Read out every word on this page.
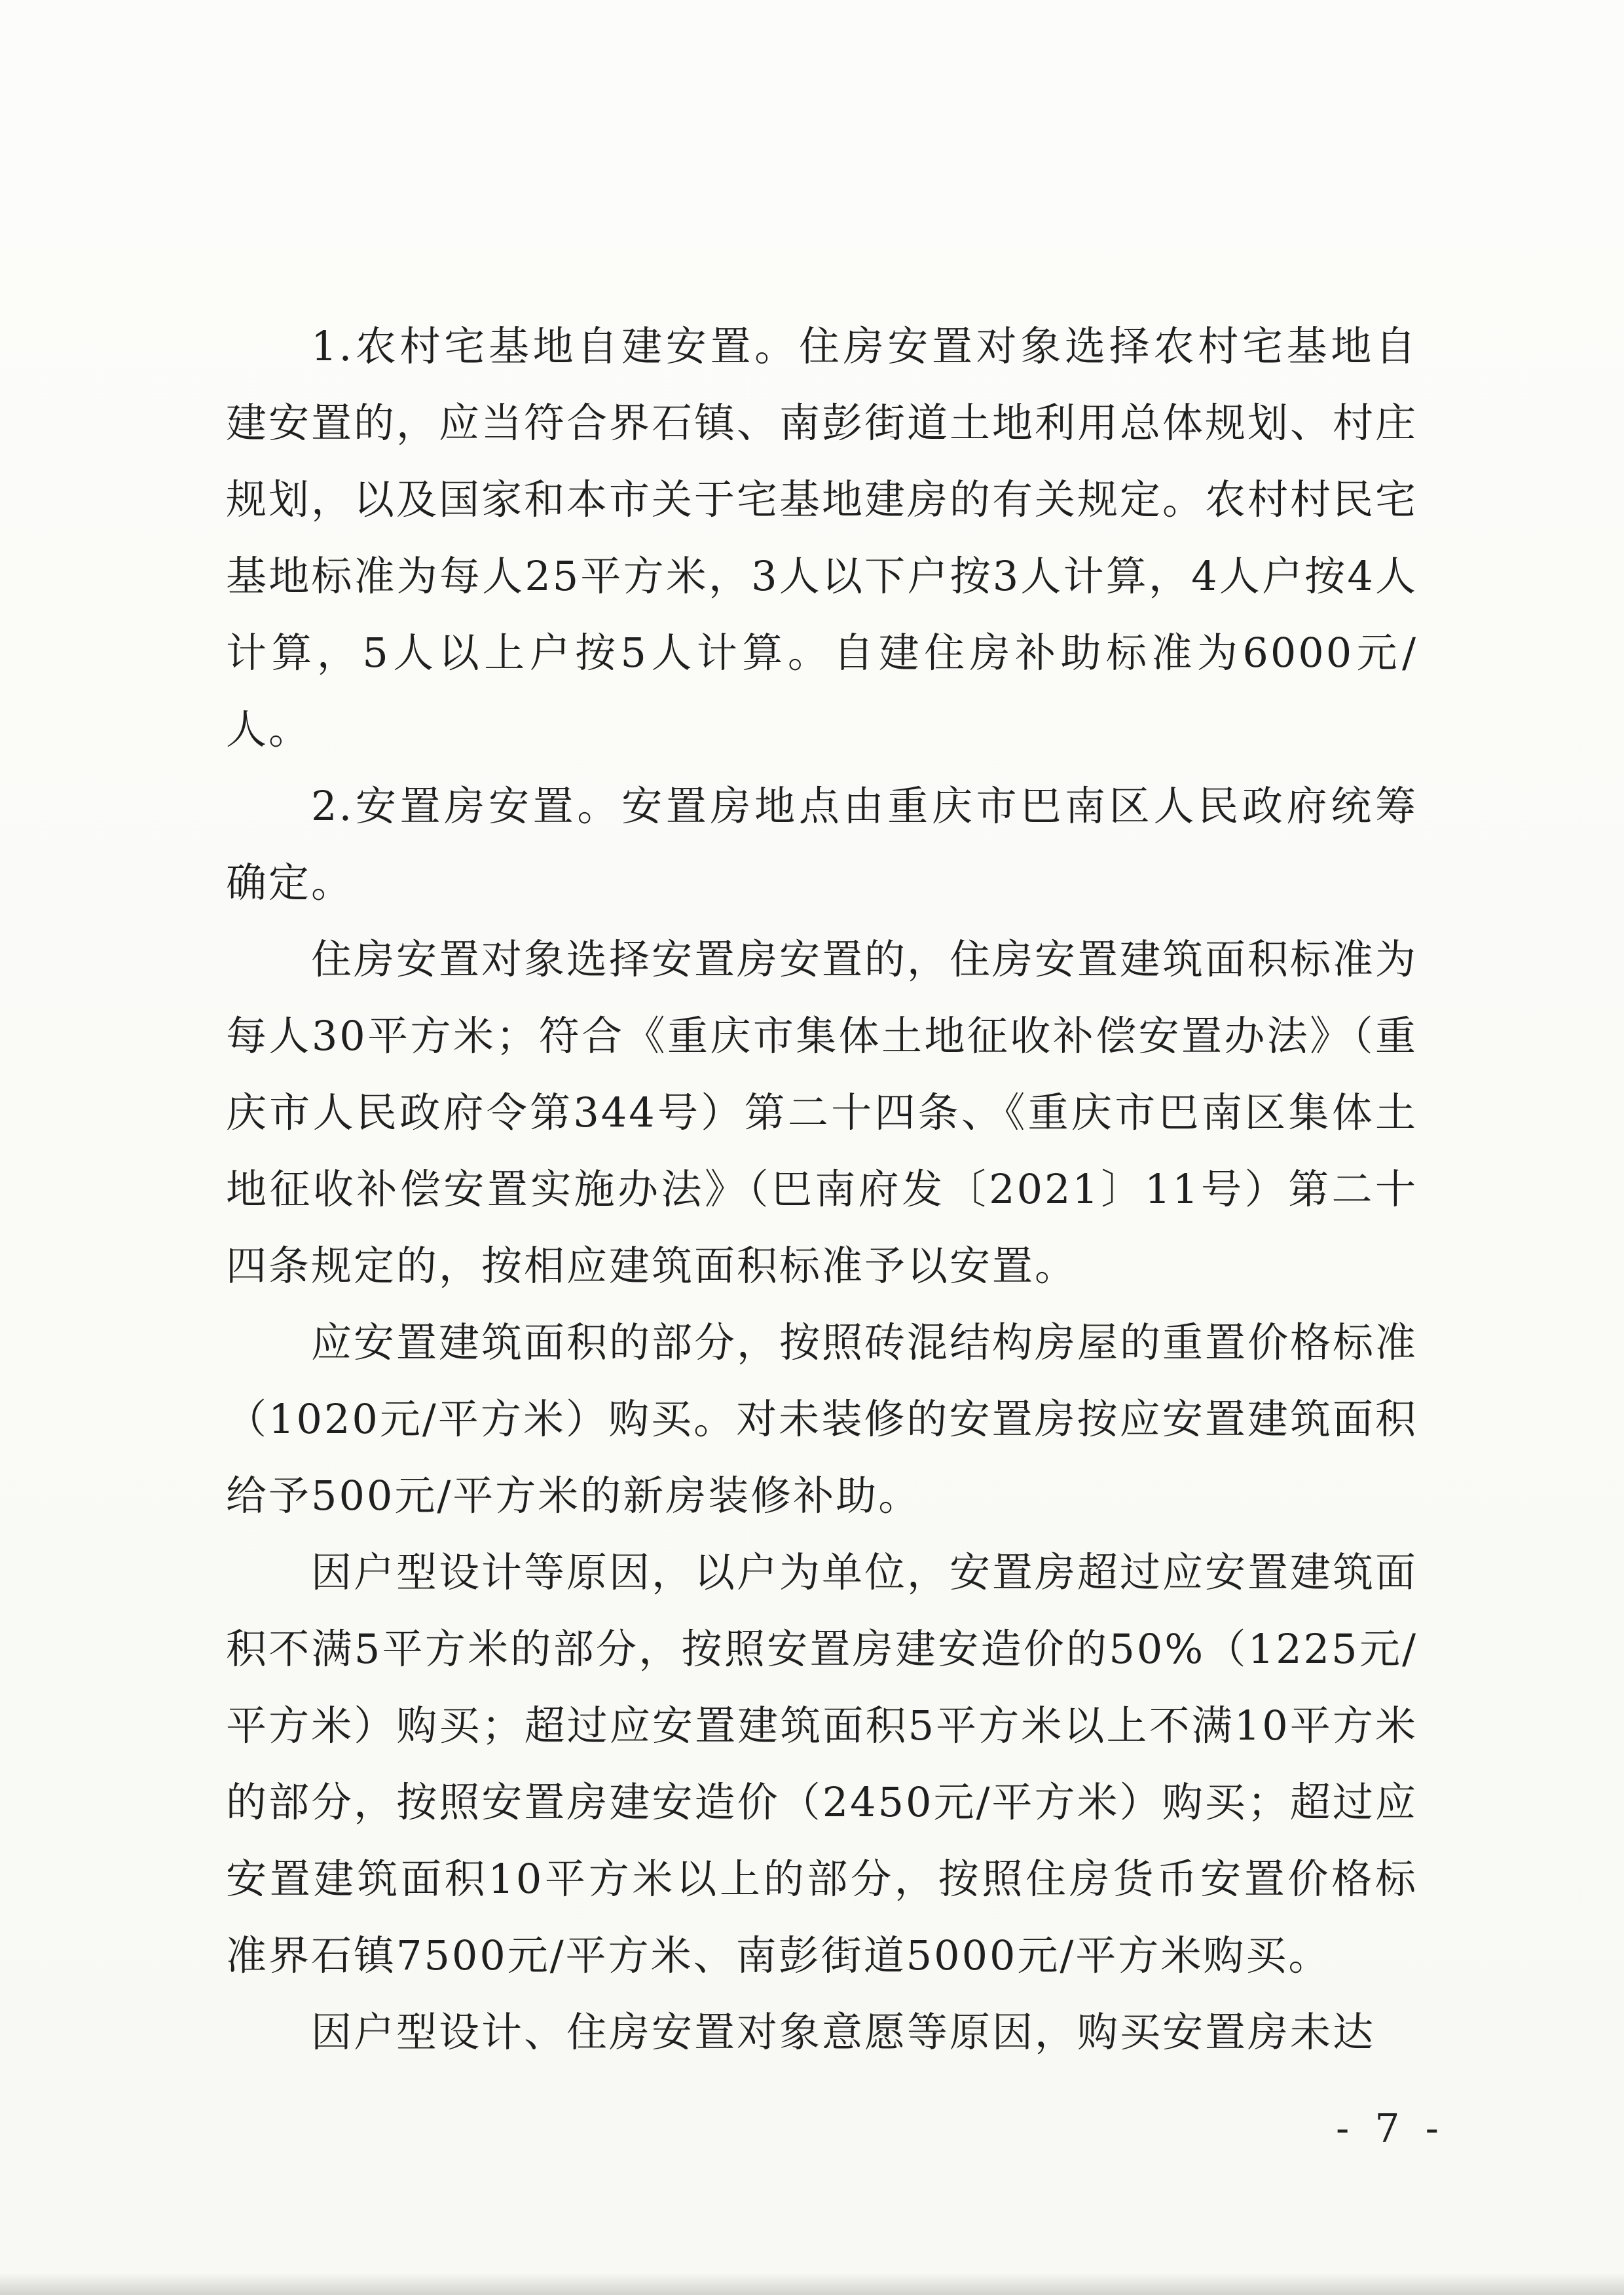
1.农村宅基地自建安置。住房安置对象选择农村宅基地自建安置的，应当符合界石镇、南彭街道土地利用总体规划、村庄规划，以及国家和本市关于宅基地建房的有关规定。农村村民宅基地标准为每人25平方米，3人以下户按3人计算，4人户按4人计算，5人以上户按5人计算。自建住房补助标准为6000元/人。

2.安置房安置。安置房地点由重庆市巴南区人民政府统筹确定。

住房安置对象选择安置房安置的，住房安置建筑面积标准为每人30平方米；符合《重庆市集体土地征收补偿安置办法》（重庆市人民政府令第344号）第二十四条、《重庆市巴南区集体土地征收补偿安置实施办法》（巴南府发〔2021〕11号）第二十四条规定的，按相应建筑面积标准予以安置。

应安置建筑面积的部分，按照砖混结构房屋的重置价格标准（1020元/平方米）购买。对未装修的安置房按应安置建筑面积给予500元/平方米的新房装修补助。

因户型设计等原因，以户为单位，安置房超过应安置建筑面积不满5平方米的部分，按照安置房建安造价的50%（1225元/平方米）购买；超过应安置建筑面积5平方米以上不满10平方米的部分，按照安置房建安造价（2450元/平方米）购买；超过应安置建筑面积10平方米以上的部分，按照住房货币安置价格标准界石镇7500元/平方米、南彭街道5000元/平方米购买。

因户型设计、住房安置对象意愿等原因，购买安置房未达

- 7 -
